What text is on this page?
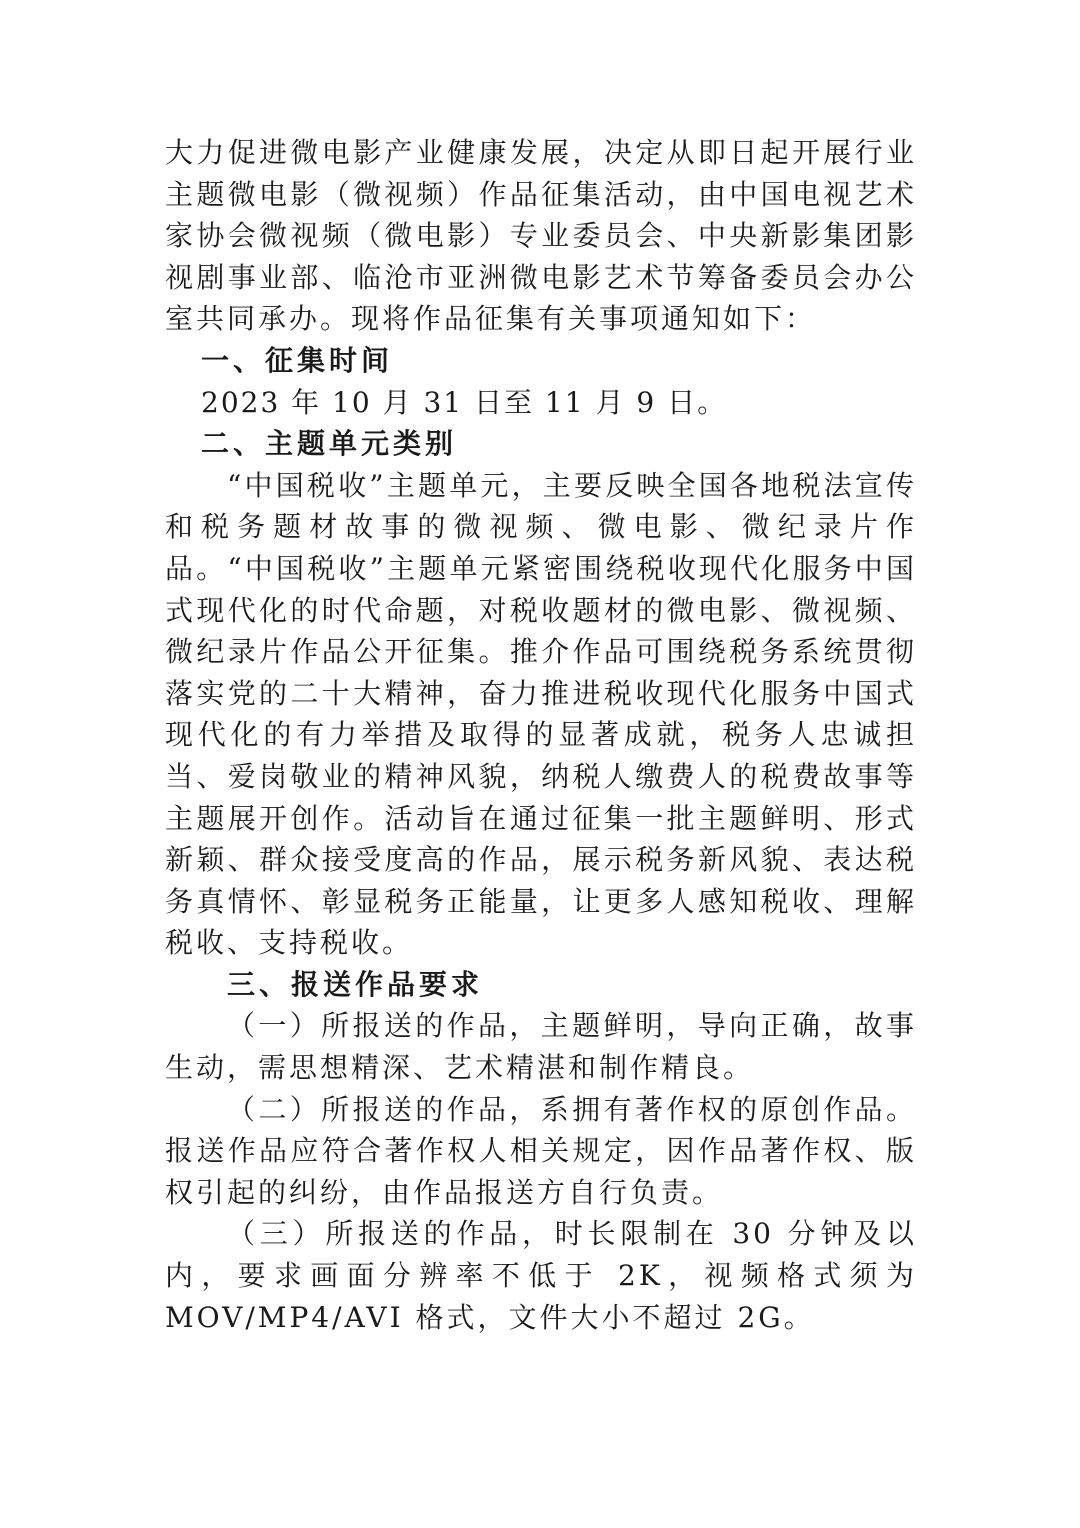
大力促进微电影产业健康发展，决定从即日起开展行业主题微电影（微视频）作品征集活动，由中国电视艺术家协会微视频（微电影）专业委员会、中央新影集团影视剧事业部、临沧市亚洲微电影艺术节筹备委员会办公室共同承办。现将作品征集有关事项通知如下：

一、征集时间

2023 年 10 月 31 日至 11 月 9 日。

二、主题单元类别

“中国税收”主题单元，主要反映全国各地税法宣传和税务题材故事的微视频、微电影、微纪录片作品。“中国税收”主题单元紧密围绕税收现代化服务中国式现代化的时代命题，对税收题材的微电影、微视频、微纪录片作品公开征集。推介作品可围绕税务系统贯彻落实党的二十大精神，奋力推进税收现代化服务中国式现代化的有力举措及取得的显著成就，税务人忠诚担当、爱岗敬业的精神风貌，纳税人缴费人的税费故事等主题展开创作。活动旨在通过征集一批主题鲜明、形式新颖、群众接受度高的作品，展示税务新风貌、表达税务真情怀、彰显税务正能量，让更多人感知税收、理解税收、支持税收。

三、报送作品要求

（一）所报送的作品，主题鲜明，导向正确，故事生动，需思想精深、艺术精湛和制作精良。

（二）所报送的作品，系拥有著作权的原创作品。报送作品应符合著作权人相关规定，因作品著作权、版权引起的纠纷，由作品报送方自行负责。

（三）所报送的作品，时长限制在 30 分钟及以内，要求画面分辨率不低于 2K，视频格式须为 MOV/MP4/AVI 格式，文件大小不超过 2G。
